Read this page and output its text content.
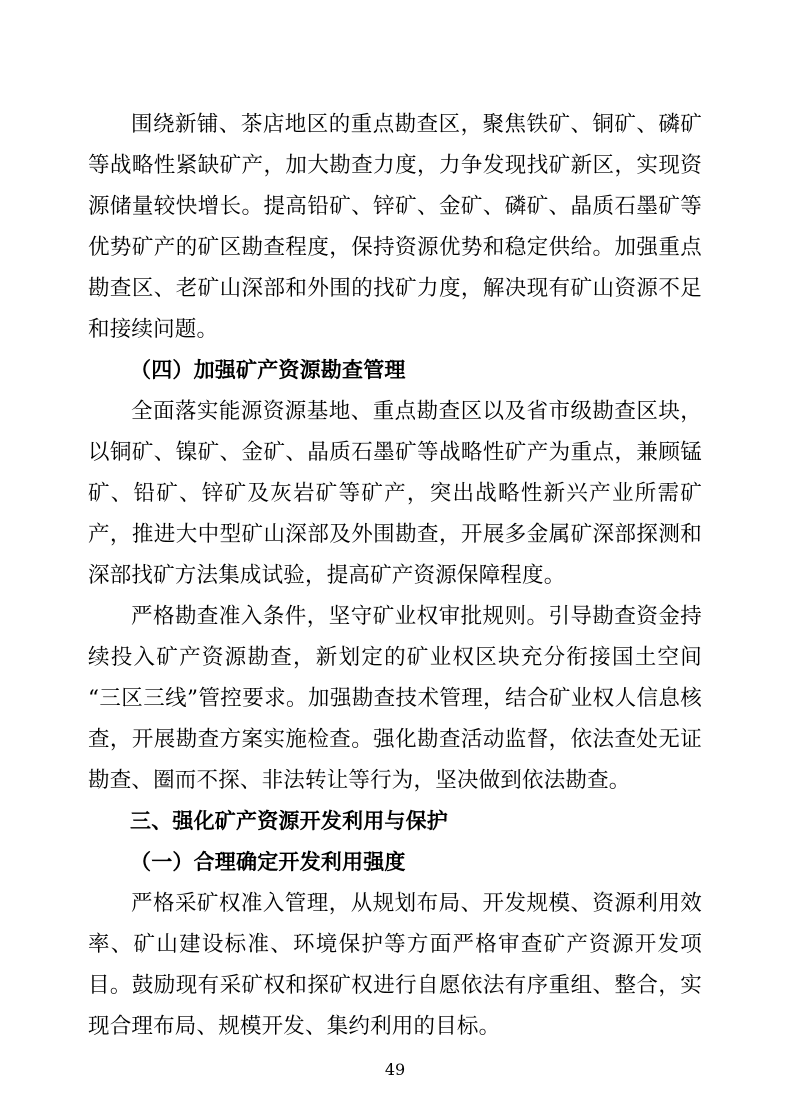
围绕新铺、茶店地区的重点勘查区，聚焦铁矿、铜矿、磷矿等战略性紧缺矿产，加大勘查力度，力争发现找矿新区，实现资源储量较快增长。提高铅矿、锌矿、金矿、磷矿、晶质石墨矿等优势矿产的矿区勘查程度，保持资源优势和稳定供给。加强重点勘查区、老矿山深部和外围的找矿力度，解决现有矿山资源不足和接续问题。

（四）加强矿产资源勘查管理

全面落实能源资源基地、重点勘查区以及省市级勘查区块，以铜矿、镍矿、金矿、晶质石墨矿等战略性矿产为重点，兼顾锰矿、铅矿、锌矿及灰岩矿等矿产，突出战略性新兴产业所需矿产，推进大中型矿山深部及外围勘查，开展多金属矿深部探测和深部找矿方法集成试验，提高矿产资源保障程度。

严格勘查准入条件，坚守矿业权审批规则。引导勘查资金持续投入矿产资源勘查，新划定的矿业权区块充分衔接国土空间“三区三线”管控要求。加强勘查技术管理，结合矿业权人信息核查，开展勘查方案实施检查。强化勘查活动监督，依法查处无证勘查、圈而不探、非法转让等行为，坚决做到依法勘查。

三、强化矿产资源开发利用与保护

（一）合理确定开发利用强度

严格采矿权准入管理，从规划布局、开发规模、资源利用效率、矿山建设标准、环境保护等方面严格审查矿产资源开发项目。鼓励现有采矿权和探矿权进行自愿依法有序重组、整合，实现合理布局、规模开发、集约利用的目标。

49
